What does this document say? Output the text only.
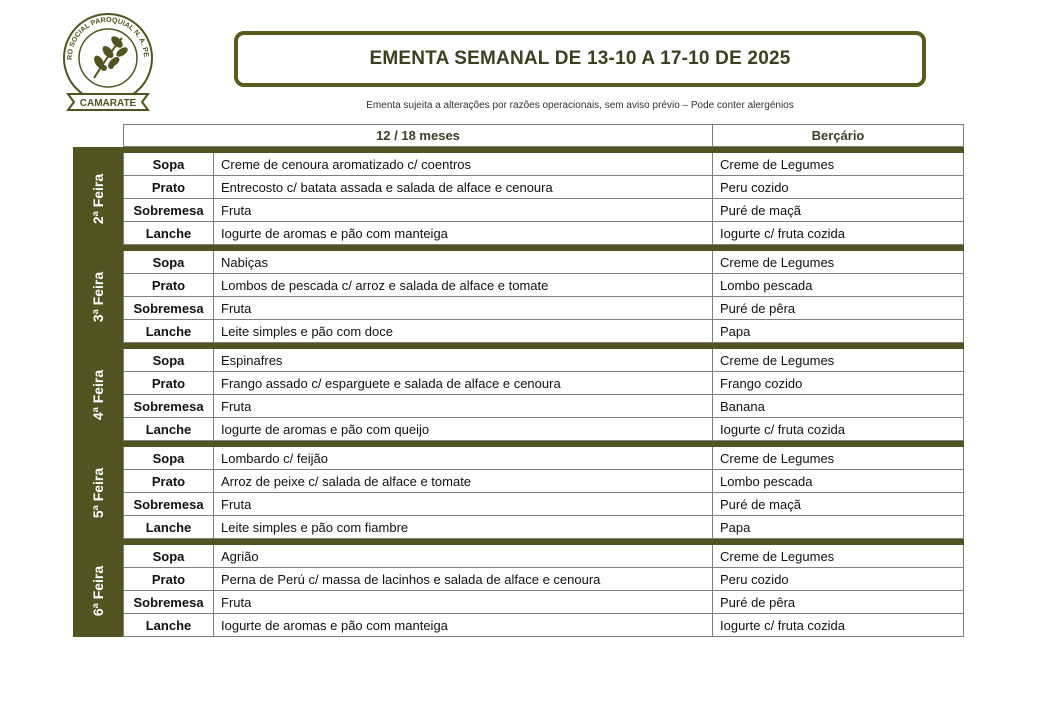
RO SOCIAL PAROQUIAL N. A. PE
CAMARATE
EMENTA SEMANAL DE 13-10 A 17-10 DE 2025
Ementa sujeita a alterações por razões operacionais, sem aviso prévio – Pode conter alergénios
12 / 18 meses	Berçário
2ª Feira
Sopa	Creme de cenoura aromatizado c/ coentros	Creme de Legumes
Prato	Entrecosto c/ batata assada e salada de alface e cenoura	Peru cozido
Sobremesa	Fruta	Puré de maçã
Lanche	Iogurte de aromas e pão com manteiga	Iogurte c/ fruta cozida
3ª Feira
Sopa	Nabiças	Creme de Legumes
Prato	Lombos de pescada c/ arroz e salada de alface e tomate	Lombo pescada
Sobremesa	Fruta	Puré de pêra
Lanche	Leite simples e pão com doce	Papa
4ª Feira
Sopa	Espinafres	Creme de Legumes
Prato	Frango assado c/ esparguete e salada de alface e cenoura	Frango cozido
Sobremesa	Fruta	Banana
Lanche	Iogurte de aromas e pão com queijo	Iogurte c/ fruta cozida
5ª Feira
Sopa	Lombardo c/ feijão	Creme de Legumes
Prato	Arroz de peixe c/ salada de alface e tomate	Lombo pescada
Sobremesa	Fruta	Puré de maçã
Lanche	Leite simples e pão com fiambre	Papa
6ª Feira
Sopa	Agrião	Creme de Legumes
Prato	Perna de Perú c/ massa de lacinhos e salada de alface e cenoura	Peru cozido
Sobremesa	Fruta	Puré de pêra
Lanche	Iogurte de aromas e pão com manteiga	Iogurte c/ fruta cozida
